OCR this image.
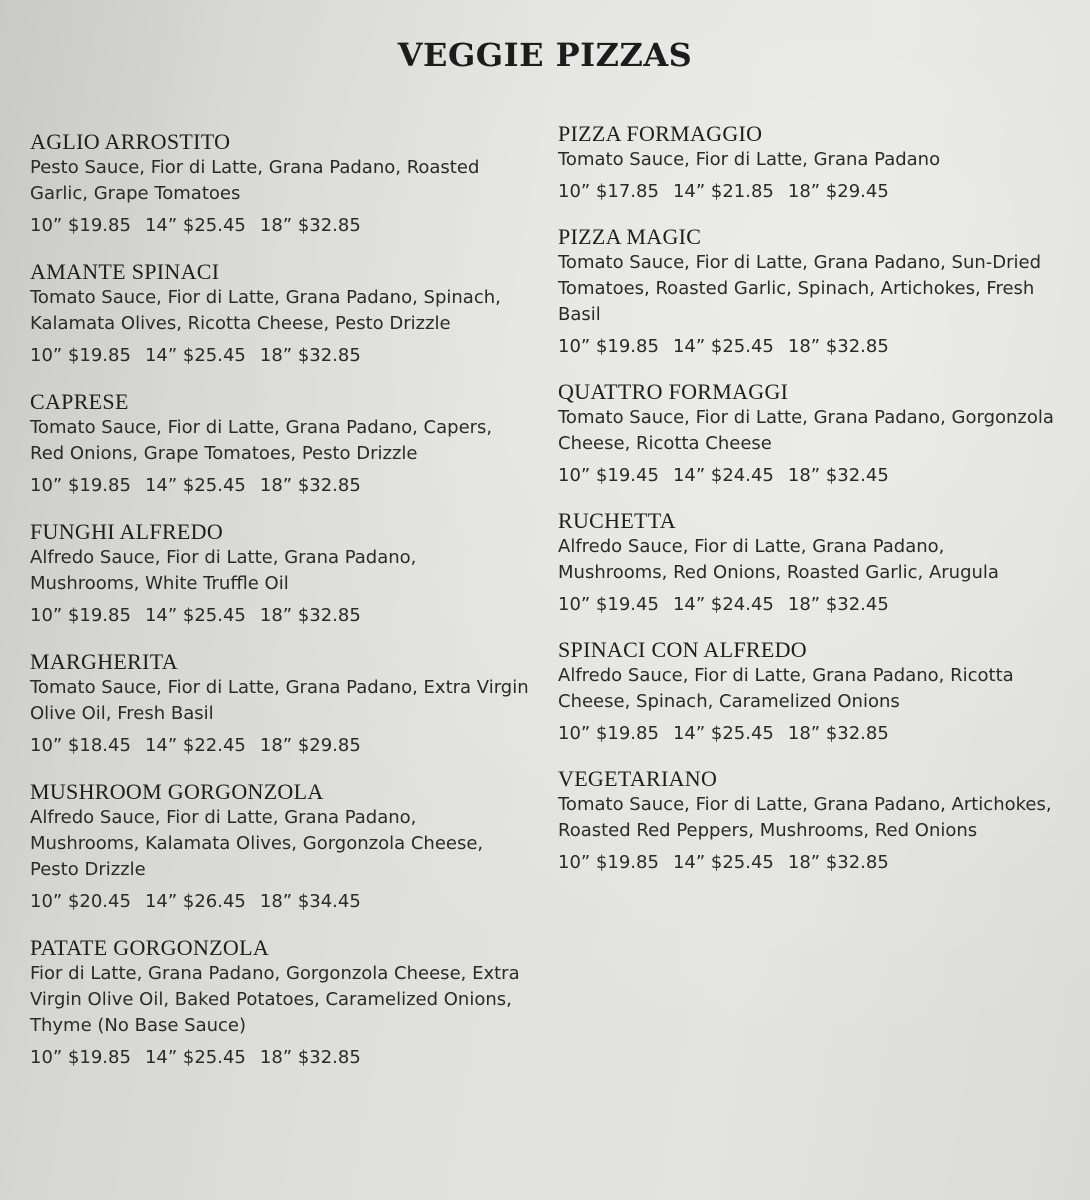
VEGGIE PIZZAS
AGLIO ARROSTITO
Pesto Sauce, Fior di Latte, Grana Padano, Roasted Garlic, Grape Tomatoes
10” $19.85 14” $25.45 18” $32.85
AMANTE SPINACI
Tomato Sauce, Fior di Latte, Grana Padano, Spinach, Kalamata Olives, Ricotta Cheese, Pesto Drizzle
10” $19.85 14” $25.45 18” $32.85
CAPRESE
Tomato Sauce, Fior di Latte, Grana Padano, Capers, Red Onions, Grape Tomatoes, Pesto Drizzle
10” $19.85 14” $25.45 18” $32.85
FUNGHI ALFREDO
Alfredo Sauce, Fior di Latte, Grana Padano, Mushrooms, White Truffle Oil
10” $19.85 14” $25.45 18” $32.85
MARGHERITA
Tomato Sauce, Fior di Latte, Grana Padano, Extra Virgin Olive Oil, Fresh Basil
10” $18.45 14” $22.45 18” $29.85
MUSHROOM GORGONZOLA
Alfredo Sauce, Fior di Latte, Grana Padano, Mushrooms, Kalamata Olives, Gorgonzola Cheese, Pesto Drizzle
10” $20.45 14” $26.45 18” $34.45
PATATE GORGONZOLA
Fior di Latte, Grana Padano, Gorgonzola Cheese, Extra Virgin Olive Oil, Baked Potatoes, Caramelized Onions, Thyme (No Base Sauce)
10” $19.85 14” $25.45 18” $32.85
PIZZA FORMAGGIO
Tomato Sauce, Fior di Latte, Grana Padano
10” $17.85 14” $21.85 18” $29.45
PIZZA MAGIC
Tomato Sauce, Fior di Latte, Grana Padano, Sun-Dried Tomatoes, Roasted Garlic, Spinach, Artichokes, Fresh Basil
10” $19.85 14” $25.45 18” $32.85
QUATTRO FORMAGGI
Tomato Sauce, Fior di Latte, Grana Padano, Gorgonzola Cheese, Ricotta Cheese
10” $19.45 14” $24.45 18” $32.45
RUCHETTA
Alfredo Sauce, Fior di Latte, Grana Padano, Mushrooms, Red Onions, Roasted Garlic, Arugula
10” $19.45 14” $24.45 18” $32.45
SPINACI CON ALFREDO
Alfredo Sauce, Fior di Latte, Grana Padano, Ricotta Cheese, Spinach, Caramelized Onions
10” $19.85 14” $25.45 18” $32.85
VEGETARIANO
Tomato Sauce, Fior di Latte, Grana Padano, Artichokes, Roasted Red Peppers, Mushrooms, Red Onions
10” $19.85 14” $25.45 18” $32.85
